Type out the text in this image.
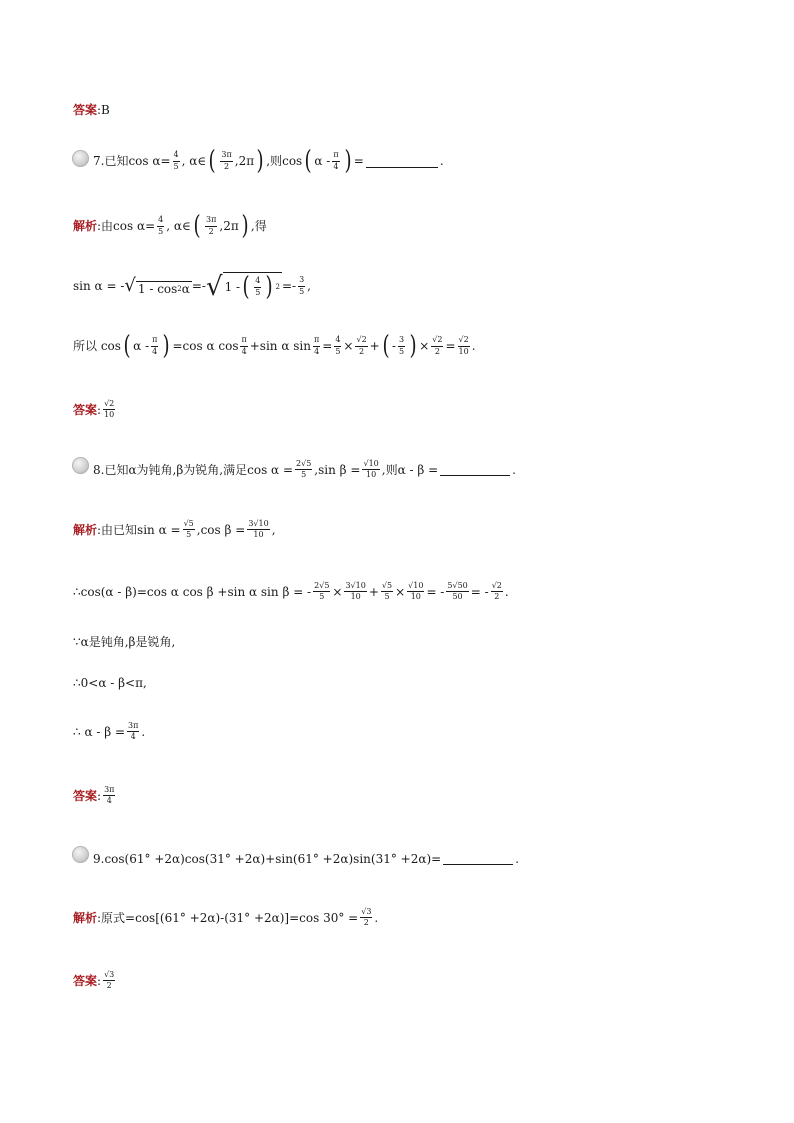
答案 :B
7. 已知$\cos \alpha = \frac{4}{5}$ , α∈ ( $\frac{3\pi}{2} ,2\pi$ ) ,则cos ( α - $\frac{\pi}{4}$ ) =	.
解析 :由$\cos \alpha = \frac{4}{5}$ , α∈ ( $\frac{3\pi}{2} ,2\pi$ ) ,得
sin α = - √ 1 - cos 2 α =- √ 1 - ( $\frac{4}{5}$ ) $2 =- \frac{3}{5}$ ,
所以 cos ( α - $\frac{\pi}{4}$ ) =cos α $\cos \frac{\pi}{4} +\sin$ α $\sin \frac{\pi}{4} = \frac{4}{5} \times \frac{√2}{2}$ + ( - $\frac{3}{5}$ ) × $\frac{√2}{2} = \frac{√2}{10}$ .
答案 : $\frac{√2}{10}$
8. 已知α为钝角,β为锐角,满足$\cos \alpha = \frac{2√5}{5} ,\sin$ $\beta = \frac{√10}{10}$ ,则α - β =	.
解析 :由已知$\sin \alpha = \frac{√5}{5} ,\cos$ $\beta = \frac{3√10}{10}$ ,
∴cos(α - β)=cos α cos β +sin α sin β = - $\frac{2√5}{5} \times \frac{3√10}{10} + \frac{√5}{5} \times \frac{√10}{10}$ = - $\frac{5√50}{50}$ = - $\frac{√2}{2}$ .
∵α是钝角,β是锐角,
∴0<α - β<π,
∴ $\alpha - \beta = \frac{3\pi}{4}$ .
答案 : $\frac{3\pi}{4}$
9. cos(61° +2α)cos(31° +2α)+sin(61° +2α)sin(31° +2α)=	.
解析 :原式=cos[(61° +2α)-(31° +2α)]=cos $30^\circ = \frac{√3}{2}$ .
答案 : $\frac{√3}{2}$
